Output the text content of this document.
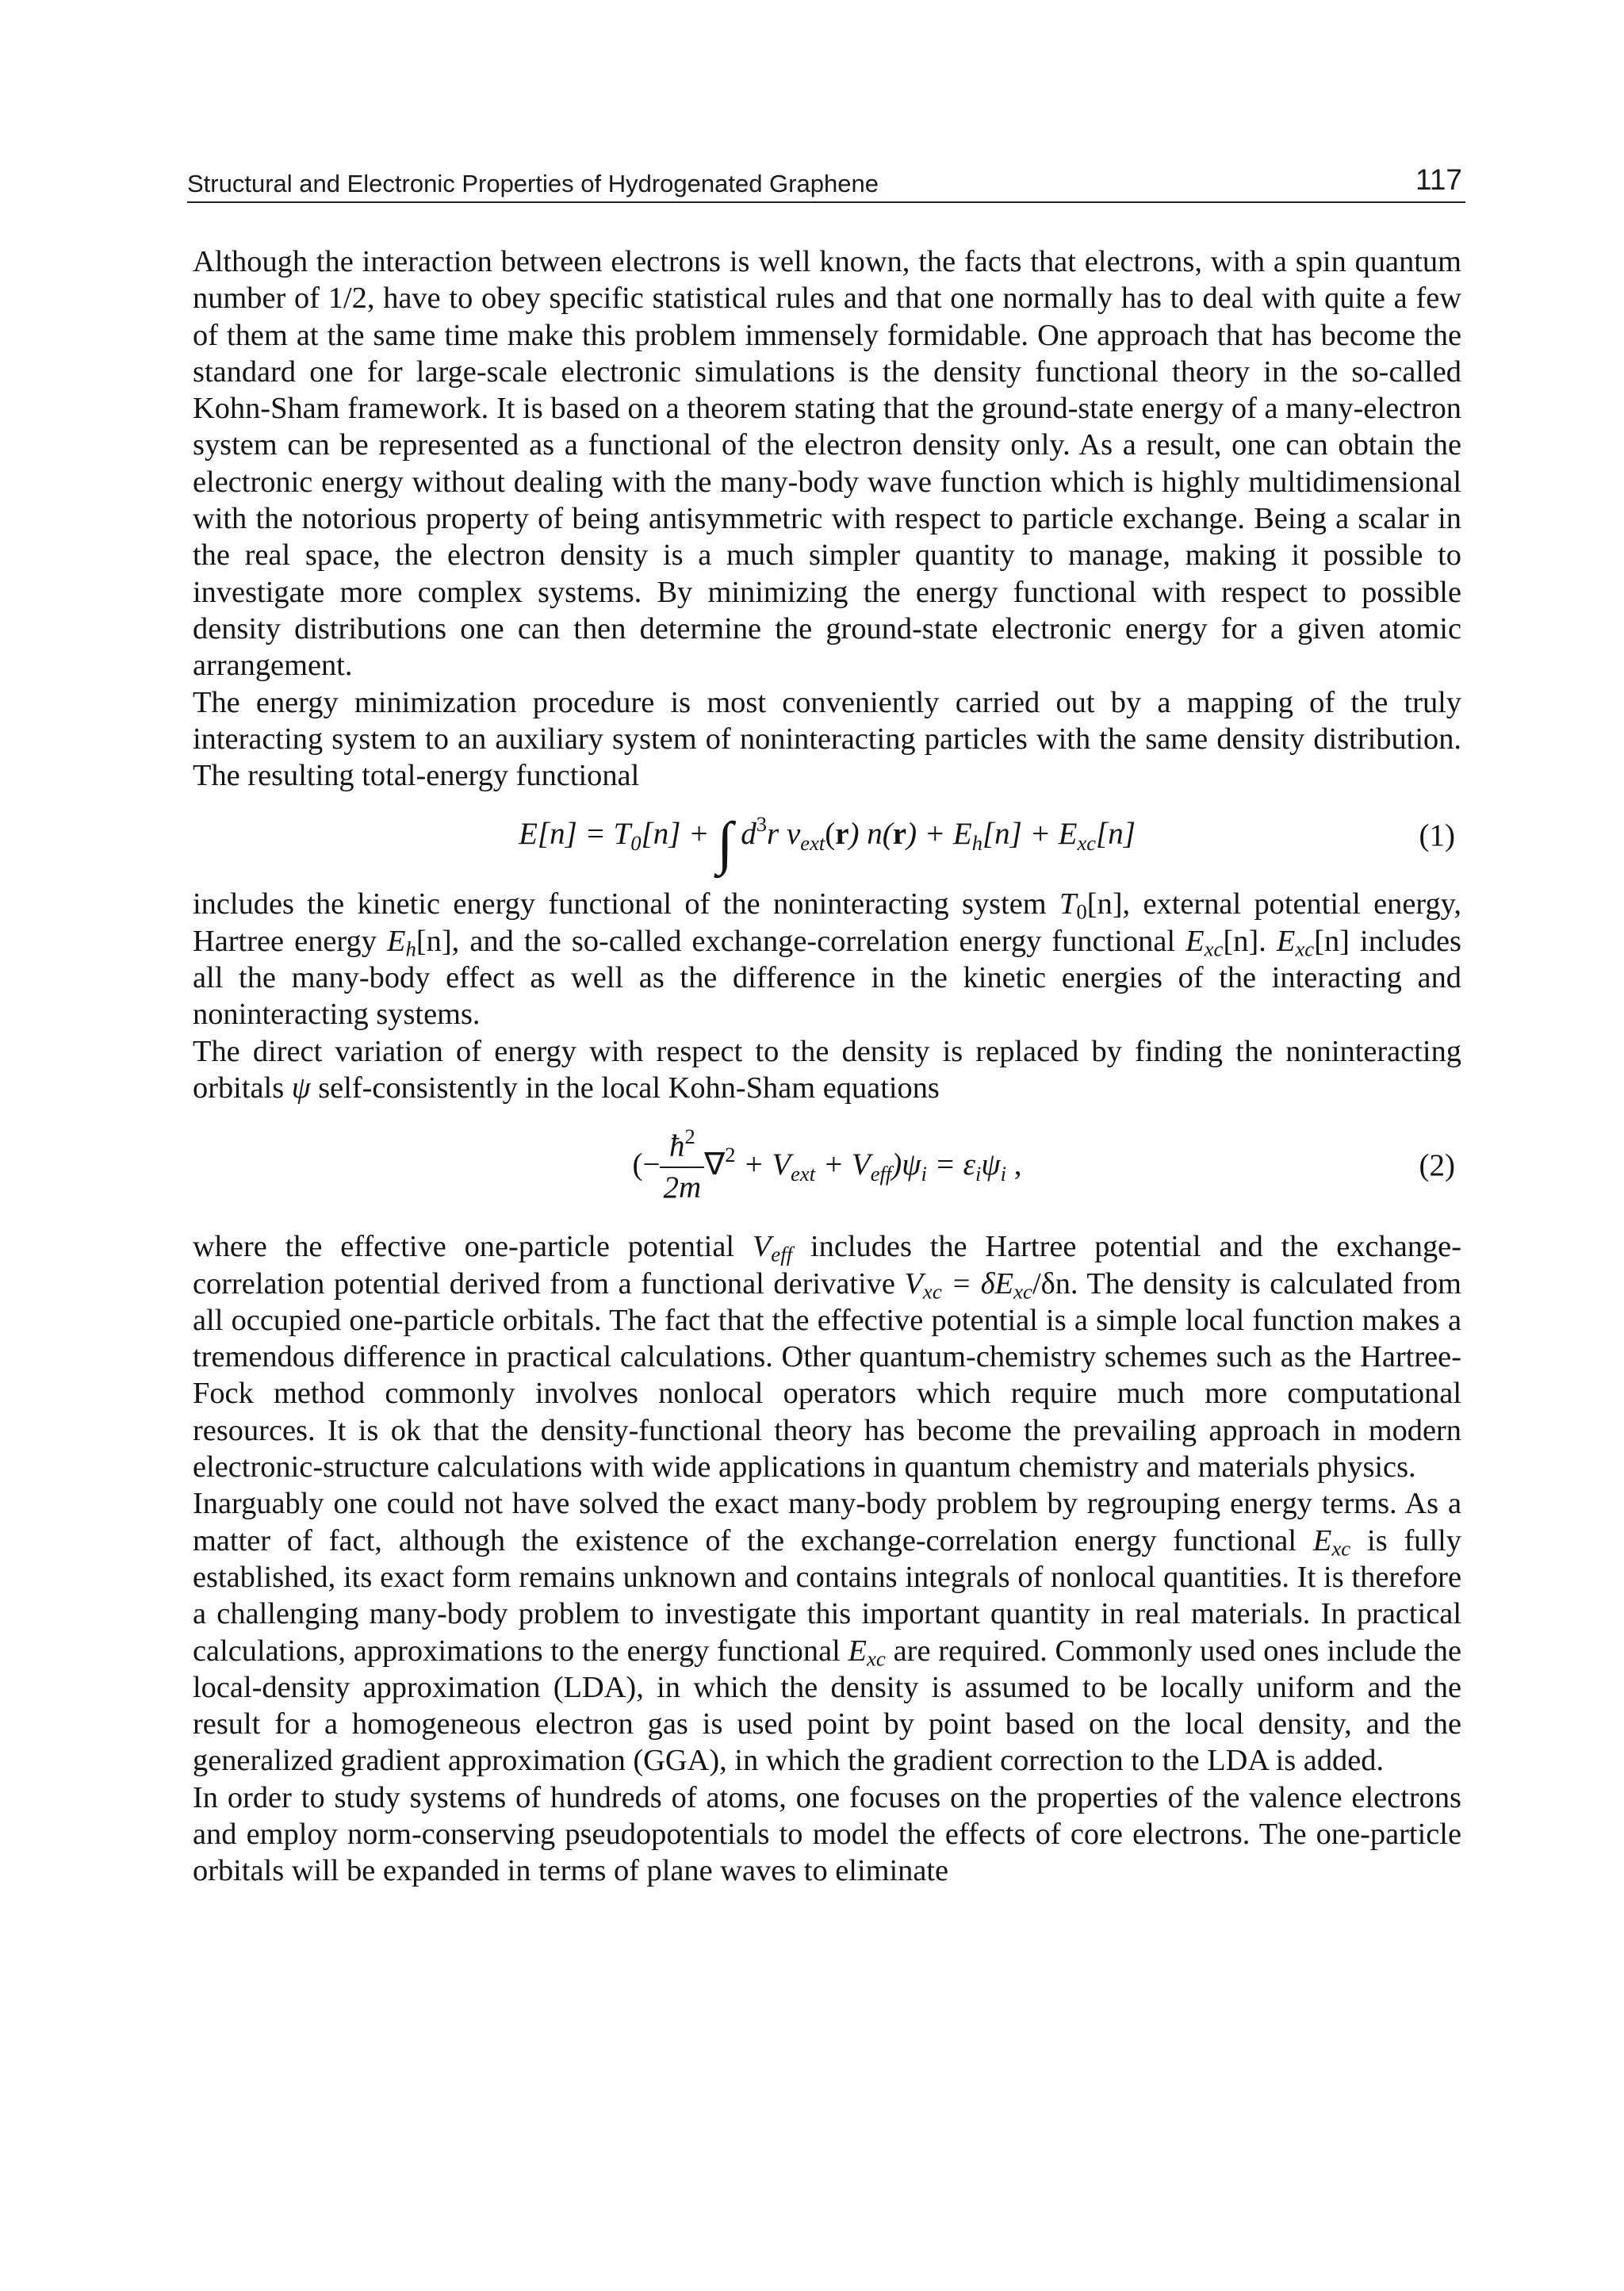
Structural and Electronic Properties of Hydrogenated Graphene	117

Although the interaction between electrons is well known, the facts that electrons, with a spin quantum number of 1/2, have to obey specific statistical rules and that one normally has to deal with quite a few of them at the same time make this problem immensely formidable. One approach that has become the standard one for large-scale electronic simulations is the density functional theory in the so-called Kohn-Sham framework. It is based on a theorem stating that the ground-state energy of a many-electron system can be represented as a functional of the electron density only. As a result, one can obtain the electronic energy without dealing with the many-body wave function which is highly multidimensional with the notorious property of being antisymmetric with respect to particle exchange. Being a scalar in the real space, the electron density is a much simpler quantity to manage, making it possible to investigate more complex systems. By minimizing the energy functional with respect to possible density distributions one can then determine the ground-state electronic energy for a given atomic arrangement.

The energy minimization procedure is most conveniently carried out by a mapping of the truly interacting system to an auxiliary system of noninteracting particles with the same density distribution. The resulting total-energy functional

$E[n] = T_0[n]$ + ∫ $d^3r$ $v_{ext}(r) n(r) + E_h[n] + E_{xc}[n]$	(1)

includes the kinetic energy functional of the noninteracting system $T_0[n]$, external potential energy, Hartree energy $E_h[n]$, and the so-called exchange-correlation energy functional $E_{xc}[n]$. $E_{xc}[n]$ includes all the many-body effect as well as the difference in the kinetic energies of the interacting and noninteracting systems.

The direct variation of energy with respect to the density is replaced by finding the noninteracting orbitals ψ self-consistently in the local Kohn-Sham equations

(− $\frac{ħ^2}{2m} \nabla^2 + V_{ext} + V_{eff})\psi_i = \varepsilon_i\psi_i$ ,	(2)

where the effective one-particle potential $V_{eff}$ includes the Hartree potential and the exchange-correlation potential derived from a functional derivative $V_{xc} = \delta E_{xc}/\delta n$. The density is calculated from all occupied one-particle orbitals. The fact that the effective potential is a simple local function makes a tremendous difference in practical calculations. Other quantum-chemistry schemes such as the Hartree-Fock method commonly involves nonlocal operators which require much more computational resources. It is ok that the density-functional theory has become the prevailing approach in modern electronic-structure calculations with wide applications in quantum chemistry and materials physics.

Inarguably one could not have solved the exact many-body problem by regrouping energy terms. As a matter of fact, although the existence of the exchange-correlation energy functional $E_{xc}$ is fully established, its exact form remains unknown and contains integrals of nonlocal quantities. It is therefore a challenging many-body problem to investigate this important quantity in real materials. In practical calculations, approximations to the energy functional $E_{xc}$ are required. Commonly used ones include the local-density approximation (LDA), in which the density is assumed to be locally uniform and the result for a homogeneous electron gas is used point by point based on the local density, and the generalized gradient approximation (GGA), in which the gradient correction to the LDA is added.

In order to study systems of hundreds of atoms, one focuses on the properties of the valence electrons and employ norm-conserving pseudopotentials to model the effects of core electrons. The one-particle orbitals will be expanded in terms of plane waves to eliminate
